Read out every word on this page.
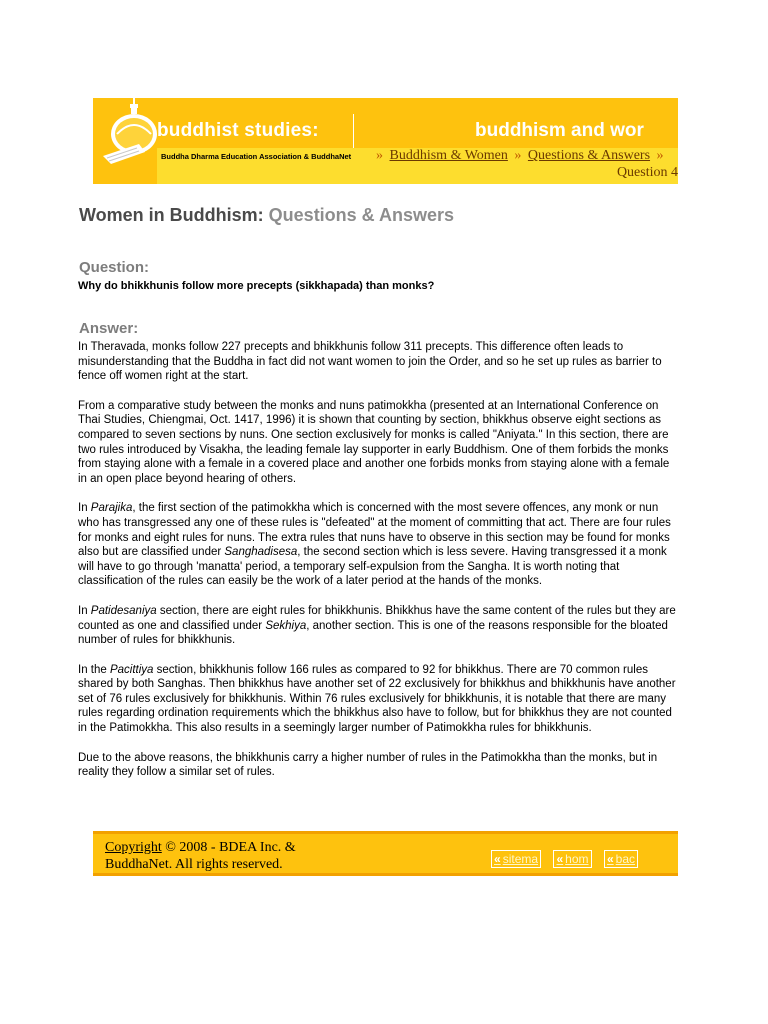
buddhist studies:	buddhism and wor
Buddha Dharma Education Association & BuddhaNet » Buddhism & Women » Questions & Answers »
Question 4
Women in Buddhism: Questions & Answers
Question:

Why do bhikkhunis follow more precepts (sikkhapada) than monks?

Answer:

In Theravada, monks follow 227 precepts and bhikkhunis follow 311 precepts. This difference often leads to misunderstanding that the Buddha in fact did not want women to join the Order, and so he set up rules as barrier to fence off women right at the start.

From a comparative study between the monks and nuns patimokkha (presented at an International Conference on Thai Studies, Chiengmai, Oct. 1417, 1996) it is shown that counting by section, bhikkhus observe eight sections as compared to seven sections by nuns. One section exclusively for monks is called "Aniyata." In this section, there are two rules introduced by Visakha, the leading female lay supporter in early Buddhism. One of them forbids the monks from staying alone with a female in a covered place and another one forbids monks from staying alone with a female in an open place beyond hearing of others.

In Parajika, the first section of the patimokkha which is concerned with the most severe offences, any monk or nun who has transgressed any one of these rules is "defeated" at the moment of committing that act. There are four rules for monks and eight rules for nuns. The extra rules that nuns have to observe in this section may be found for monks also but are classified under Sanghadisesa, the second section which is less severe. Having transgressed it a monk will have to go through 'manatta' period, a temporary self-expulsion from the Sangha. It is worth noting that classification of the rules can easily be the work of a later period at the hands of the monks.

In Patidesaniya section, there are eight rules for bhikkhunis. Bhikkhus have the same content of the rules but they are counted as one and classified under Sekhiya, another section. This is one of the reasons responsible for the bloated number of rules for bhikkhunis.

In the Pacittiya section, bhikkhunis follow 166 rules as compared to 92 for bhikkhus. There are 70 common rules shared by both Sanghas. Then bhikkhus have another set of 22 exclusively for bhikkhus and bhikkhunis have another set of 76 rules exclusively for bhikkhunis. Within 76 rules exclusively for bhikkhunis, it is notable that there are many rules regarding ordination requirements which the bhikkhus also have to follow, but for bhikkhus they are not counted in the Patimokkha. This also results in a seemingly larger number of Patimokkha rules for bhikkhunis.

Due to the above reasons, the bhikkhunis carry a higher number of rules in the Patimokkha than the monks, but in reality they follow a similar set of rules.

Copyright © 2008 - BDEA Inc. &
BuddhaNet. All rights reserved.	« sitema « hom « bac
